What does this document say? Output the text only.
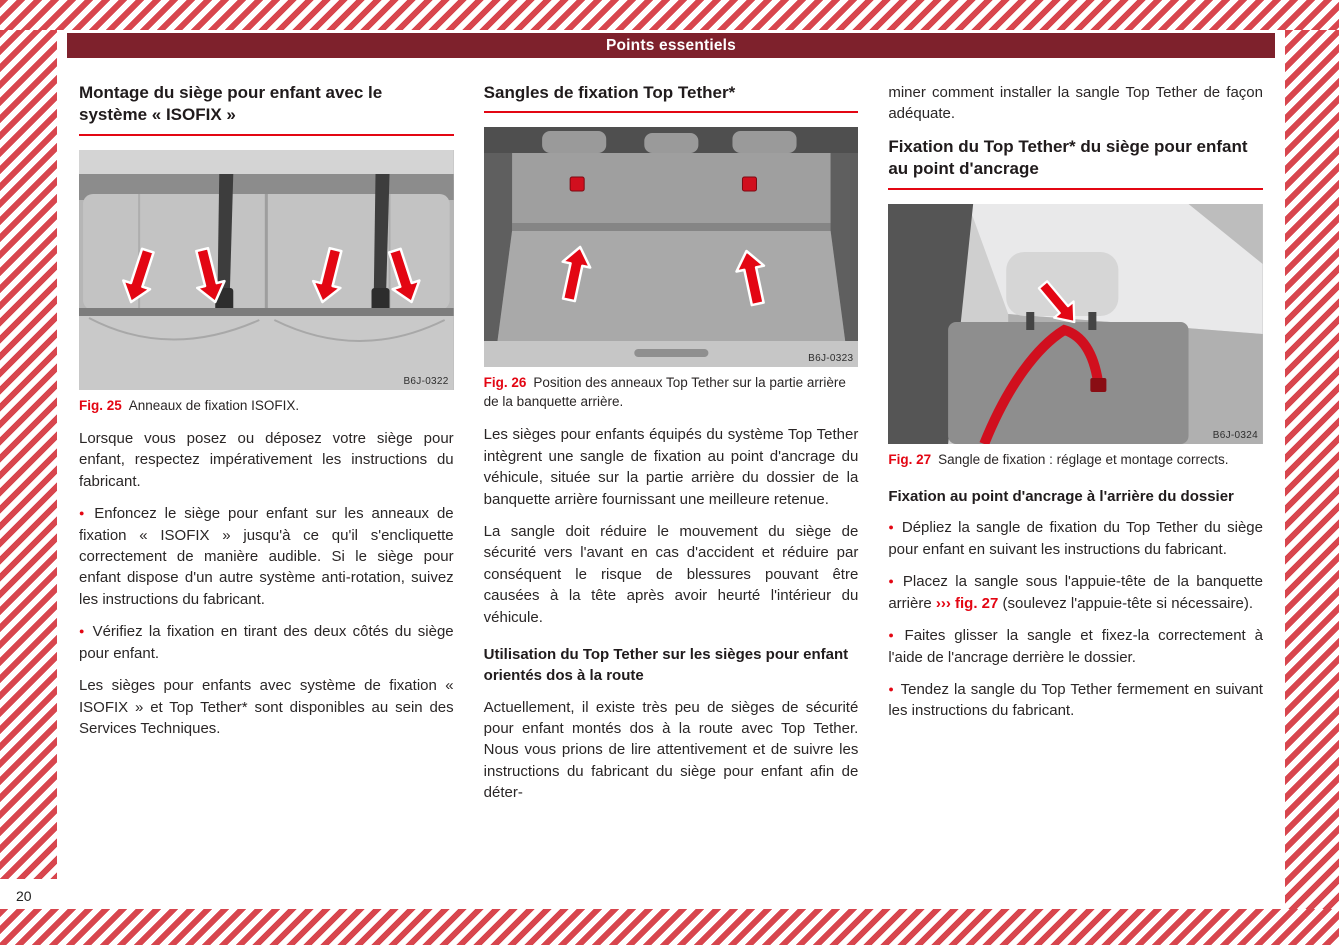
Points essentiels
Montage du siège pour enfant avec le système « ISOFIX »
B6J-0322
Fig. 25 Anneaux de fixation ISOFIX.

Lorsque vous posez ou déposez votre siège pour enfant, respectez impérativement les instructions du fabricant.

● Enfoncez le siège pour enfant sur les anneaux de fixation « ISOFIX » jusqu'à ce qu'il s'encliquette correctement de manière audible. Si le siège pour enfant dispose d'un autre système anti-rotation, suivez les instructions du fabricant.

● Vérifiez la fixation en tirant des deux côtés du siège pour enfant.

Les sièges pour enfants avec système de fixation « ISOFIX » et Top Tether* sont disponibles au sein des Services Techniques.

Sangles de fixation Top Tether*
B6J-0323
Fig. 26 Position des anneaux Top Tether sur la partie arrière de la banquette arrière.

Les sièges pour enfants équipés du système Top Tether intègrent une sangle de fixation au point d'ancrage du véhicule, située sur la partie arrière du dossier de la banquette arrière fournissant une meilleure retenue.

La sangle doit réduire le mouvement du siège de sécurité vers l'avant en cas d'accident et réduire par conséquent le risque de blessures pouvant être causées à la tête après avoir heurté l'intérieur du véhicule.

Utilisation du Top Tether sur les sièges pour enfant orientés dos à la route

Actuellement, il existe très peu de sièges de sécurité pour enfant montés dos à la route avec Top Tether. Nous vous prions de lire attentivement et de suivre les instructions du fabricant du siège pour enfant afin de déter-

miner comment installer la sangle Top Tether de façon adéquate.

Fixation du Top Tether* du siège pour enfant au point d'ancrage
B6J-0324
Fig. 27 Sangle de fixation : réglage et montage corrects.
Fixation au point d'ancrage à l'arrière du dossier

● Dépliez la sangle de fixation du Top Tether du siège pour enfant en suivant les instructions du fabricant.

● Placez la sangle sous l'appuie-tête de la banquette arrière ››› fig. 27 (soulevez l'appuie-tête si nécessaire).

● Faites glisser la sangle et fixez-la correctement à l'aide de l'ancrage derrière le dossier.

● Tendez la sangle du Top Tether fermement en suivant les instructions du fabricant.

20
